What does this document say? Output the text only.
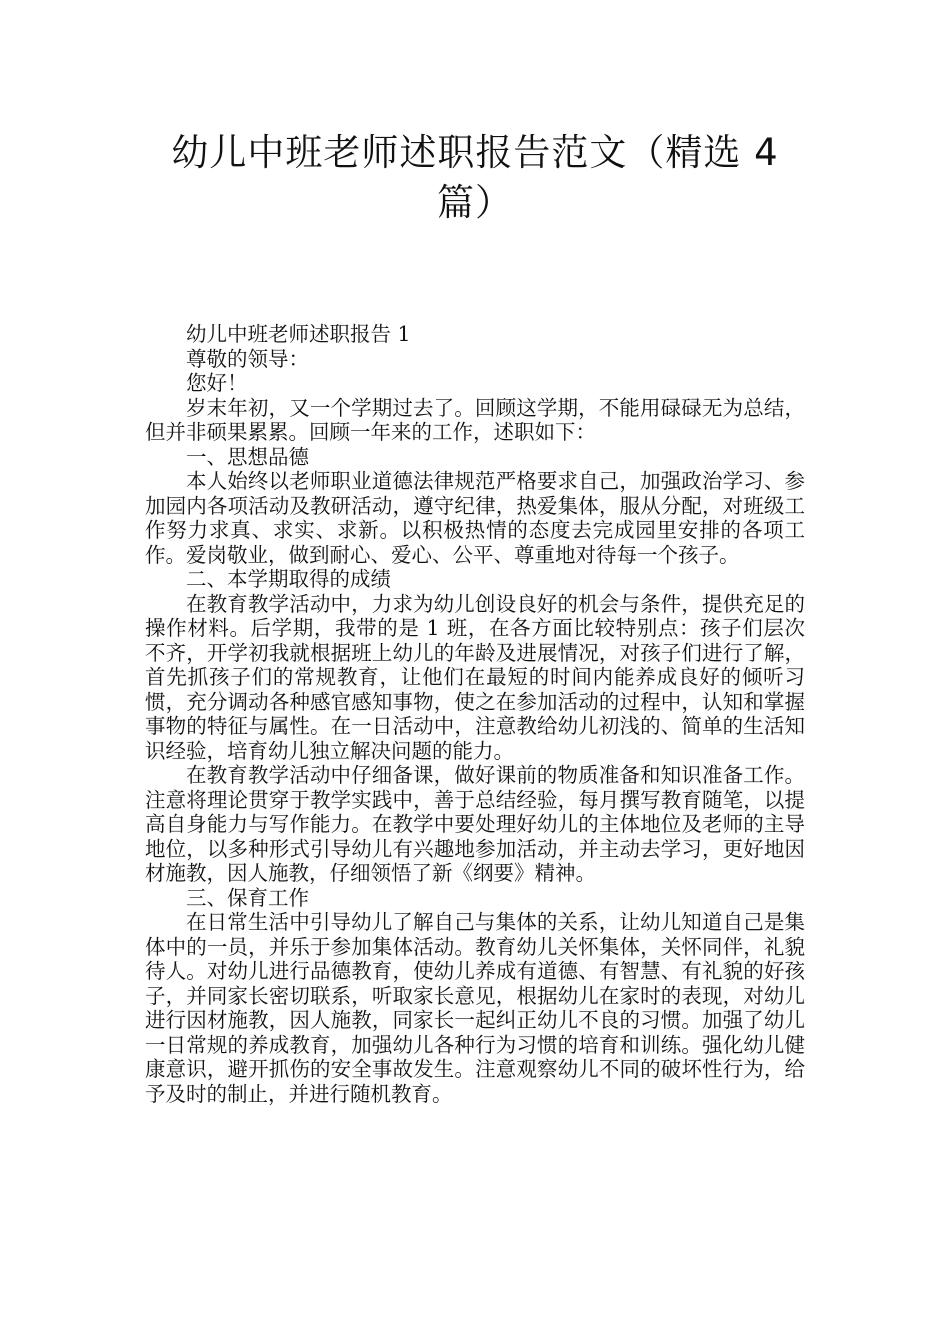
幼儿中班老师述职报告范文（精选 4 篇）

幼儿中班老师述职报告 1

尊敬的领导：

您好！

岁末年初，又一个学期过去了。回顾这学期，不能用碌碌无为总结，但并非硕果累累。回顾一年来的工作，述职如下：

一、思想品德

本人始终以老师职业道德法律规范严格要求自己，加强政治学习、参加园内各项活动及教研活动，遵守纪律，热爱集体，服从分配，对班级工作努力求真、求实、求新。以积极热情的态度去完成园里安排的各项工作。爱岗敬业，做到耐心、爱心、公平、尊重地对待每一个孩子。

二、本学期取得的成绩

在教育教学活动中，力求为幼儿创设良好的机会与条件，提供充足的操作材料。后学期，我带的是 1 班，在各方面比较特别点：孩子们层次不齐，开学初我就根据班上幼儿的年龄及进展情况，对孩子们进行了解，首先抓孩子们的常规教育，让他们在最短的时间内能养成良好的倾听习惯，充分调动各种感官感知事物，使之在参加活动的过程中，认知和掌握事物的特征与属性。在一日活动中，注意教给幼儿初浅的、简单的生活知识经验，培育幼儿独立解决问题的能力。

在教育教学活动中仔细备课，做好课前的物质准备和知识准备工作。注意将理论贯穿于教学实践中，善于总结经验，每月撰写教育随笔，以提高自身能力与写作能力。在教学中要处理好幼儿的主体地位及老师的主导地位，以多种形式引导幼儿有兴趣地参加活动，并主动去学习，更好地因材施教，因人施教，仔细领悟了新《纲要》精神。

三、保育工作

在日常生活中引导幼儿了解自己与集体的关系，让幼儿知道自己是集体中的一员，并乐于参加集体活动。教育幼儿关怀集体，关怀同伴，礼貌待人。对幼儿进行品德教育，使幼儿养成有道德、有智慧、有礼貌的好孩子，并同家长密切联系，听取家长意见，根据幼儿在家时的表现，对幼儿进行因材施教，因人施教，同家长一起纠正幼儿不良的习惯。加强了幼儿一日常规的养成教育，加强幼儿各种行为习惯的培育和训练。强化幼儿健康意识，避开抓伤的安全事故发生。注意观察幼儿不同的破坏性行为，给予及时的制止，并进行随机教育。
